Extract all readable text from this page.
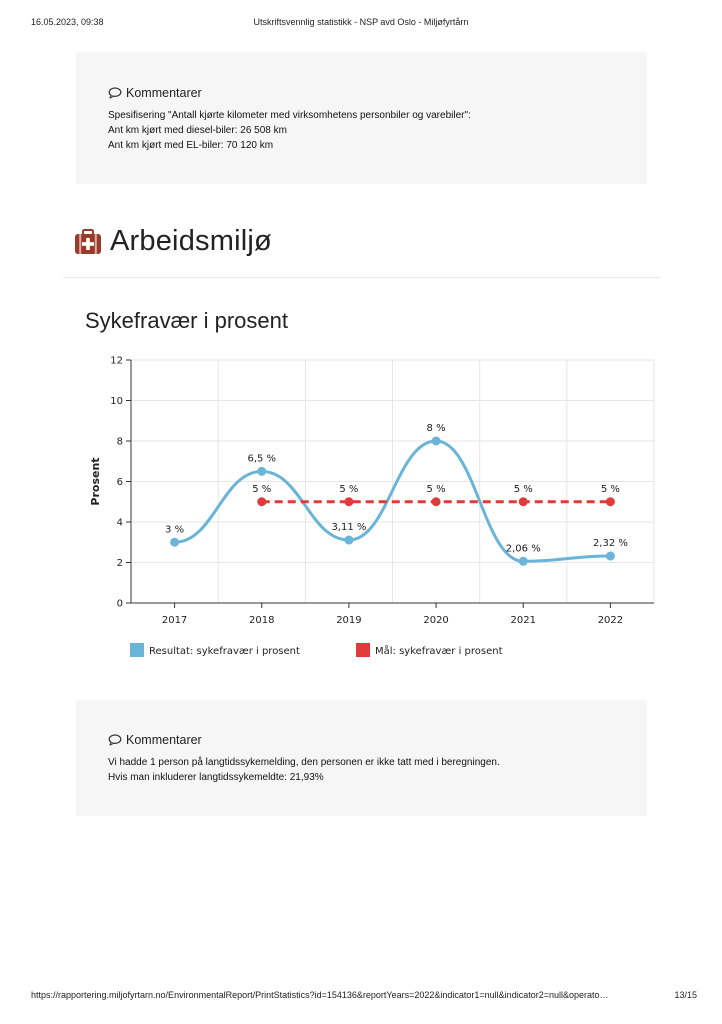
16.05.2023, 09:38	Utskriftsvennlig statistikk - NSP avd Oslo - Miljøfyrtårn
Kommentarer
Spesifisering "Antall kjørte kilometer med virksomhetens personbiler og varebiler":
Ant km kjørt med diesel-biler: 26 508 km
Ant km kjørt med EL-biler: 70 120 km
Arbeidsmiljø
Sykefravær i prosent
0
2
4
6
8
10
12
2017	2018	2019	2020	2021	2022
Prosent
3 %
6,5 %
3,11 %
8 %
2,06 %	2,32 %
5 %	5 %	5 %	5 %	5 %
Resultat: sykefravær i prosent	Mål: sykefravær i prosent
Kommentarer
Vi hadde 1 person på langtidssykemelding, den personen er ikke tatt med i beregningen.
Hvis man inkluderer langtidssykemeldte: 21,93%
https://rapportering.miljofyrtarn.no/EnvironmentalReport/PrintStatistics?id=154136&reportYears=2022&indicator1=null&indicator2=null&operato…	13/15
